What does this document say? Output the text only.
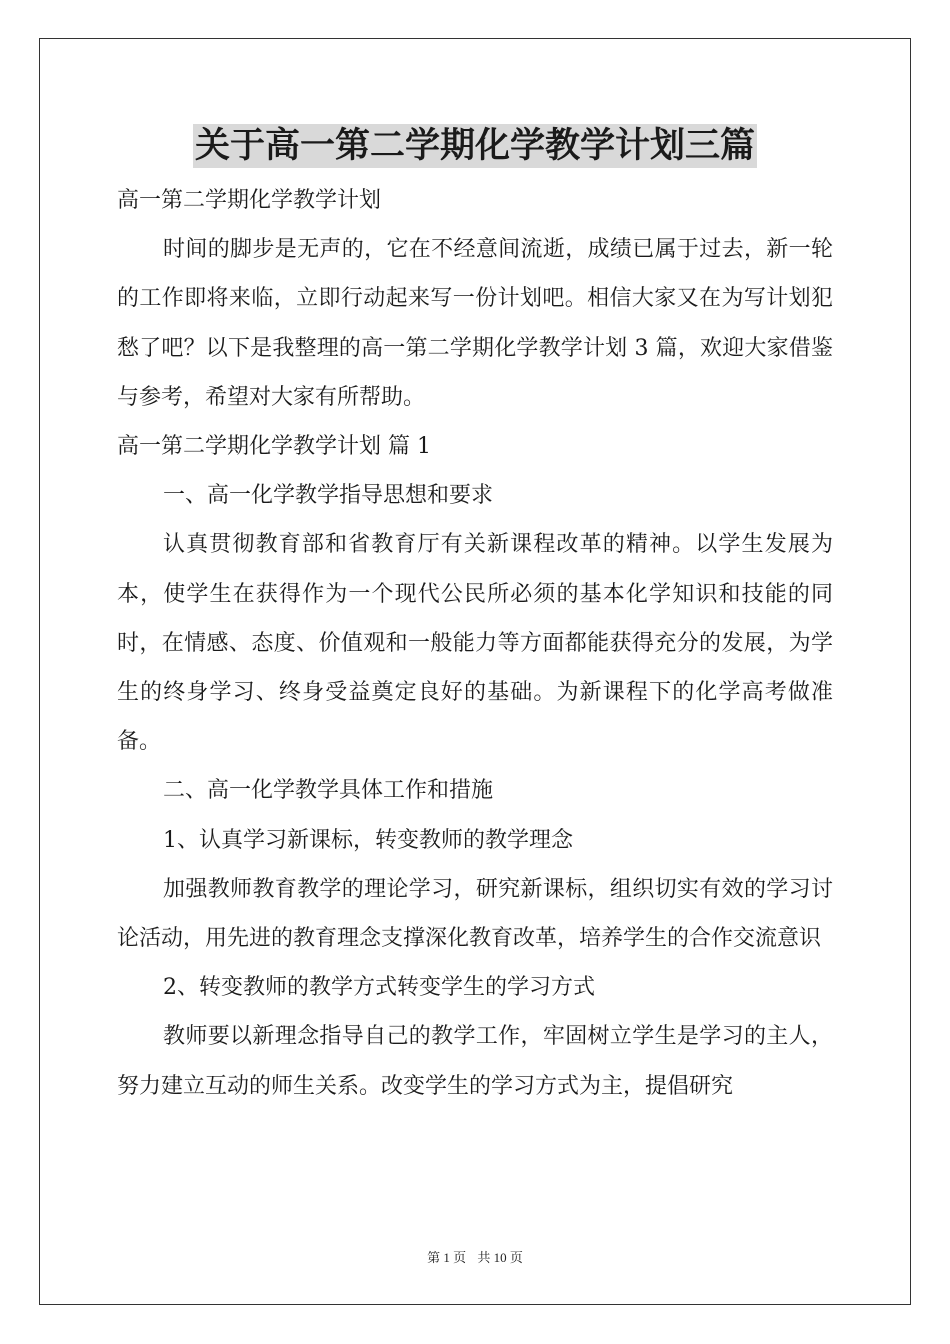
关于高一第二学期化学教学计划三篇

高一第二学期化学教学计划

时间的脚步是无声的，它在不经意间流逝，成绩已属于过去，新一轮的工作即将来临，立即行动起来写一份计划吧。相信大家又在为写计划犯愁了吧？以下是我整理的高一第二学期化学教学计划 3 篇，欢迎大家借鉴与参考，希望对大家有所帮助。

高一第二学期化学教学计划 篇 1

一、高一化学教学指导思想和要求

认真贯彻教育部和省教育厅有关新课程改革的精神。以学生发展为本，使学生在获得作为一个现代公民所必须的基本化学知识和技能的同时，在情感、态度、价值观和一般能力等方面都能获得充分的发展，为学生的终身学习、终身受益奠定良好的基础。为新课程下的化学高考做准备。

二、高一化学教学具体工作和措施

1、认真学习新课标，转变教师的教学理念

加强教师教育教学的理论学习，研究新课标，组织切实有效的学习讨论活动，用先进的教育理念支撑深化教育改革，培养学生的合作交流意识

2、转变教师的教学方式转变学生的学习方式

教师要以新理念指导自己的教学工作，牢固树立学生是学习的主人，努力建立互动的师生关系。改变学生的学习方式为主，提倡研究

第 1 页 共 10 页
